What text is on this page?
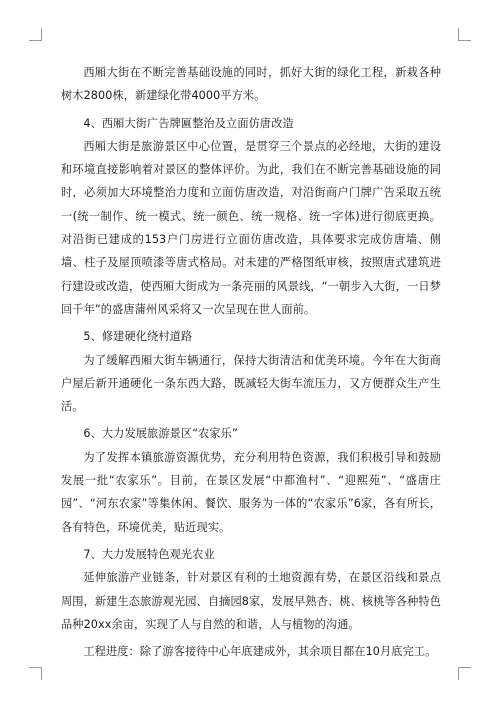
西厢大街在不断完善基础设施的同时，抓好大街的绿化工程，新栽各种树木2800株，新建绿化带4000平方米。

4、西厢大街广告牌匾整治及立面仿唐改造

西厢大街是旅游景区中心位置，是贯穿三个景点的必经地，大街的建设和环境直接影响着对景区的整体评价。为此，我们在不断完善基础设施的同时，必须加大环境整治力度和立面仿唐改造，对沿街商户门牌广告采取五统一(统一制作、统一模式、统一颜色、统一规格、统一字体)进行彻底更换。对沿街已建成的153户门房进行立面仿唐改造，具体要求完成仿唐墙、侧墙、柱子及屋顶喷漆等唐式格局。对未建的严格图纸审核，按照唐式建筑进行建设或改造，使西厢大街成为一条亮丽的风景线，“一朝步入大街，一日梦回千年”的盛唐蒲州风采将又一次呈现在世人面前。

5、修建硬化绕村道路

为了缓解西厢大街车辆通行，保持大街清洁和优美环境。今年在大街商户屋后新开通硬化一条东西大路，既减轻大街车流压力，又方便群众生产生活。

6、大力发展旅游景区“农家乐”

为了发挥本镇旅游资源优势，充分利用特色资源，我们积极引导和鼓励发展一批“农家乐”。目前，在景区发展“中都渔村”、“迎熙苑”、“盛唐庄园”、“河东农家”等集休闲、餐饮、服务为一体的“农家乐”6家，各有所长，各有特色，环境优美，贴近现实。

7、大力发展特色观光农业

延伸旅游产业链条，针对景区有利的土地资源有势，在景区沿线和景点周围，新建生态旅游观光园、自摘园8家，发展早熟杏、桃、核桃等各种特色品种20xx余亩，实现了人与自然的和谐，人与植物的沟通。

工程进度：除了游客接待中心年底建成外，其余项目都在10月底完工。
